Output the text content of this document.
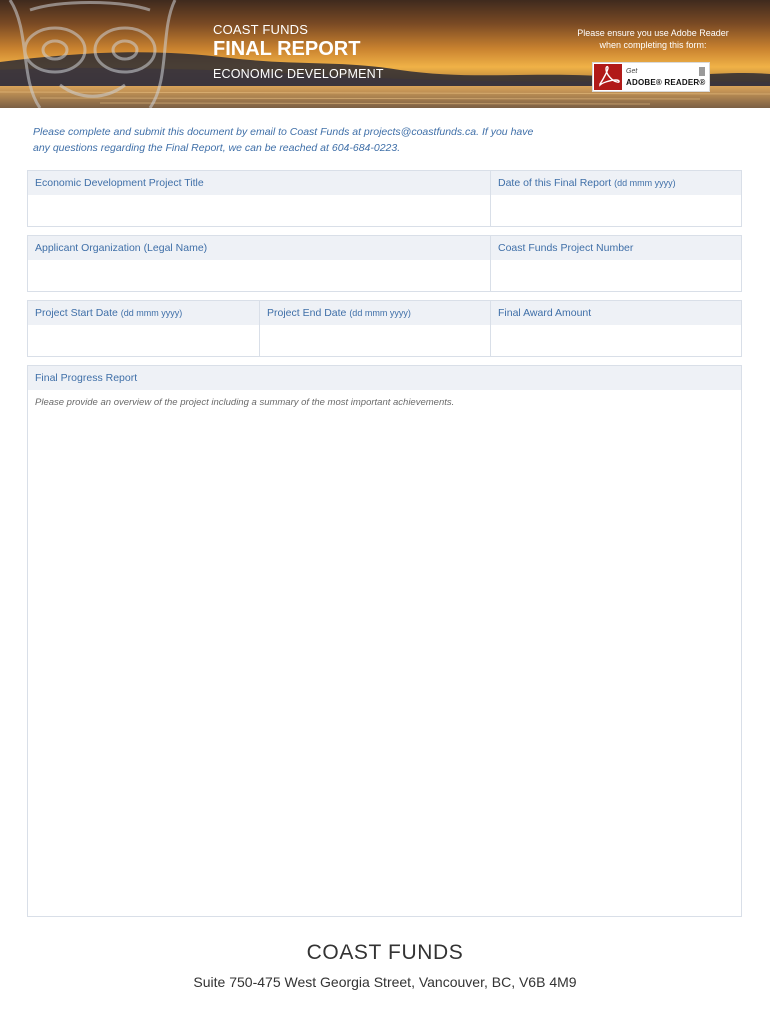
COAST FUNDS
FINAL REPORT
ECONOMIC DEVELOPMENT
Please ensure you use Adobe Reader
when completing this form:
Get
ADOBE® READER®
Please complete and submit this document by email to Coast Funds at projects@coastfunds.ca. If you have
any questions regarding the Final Report, we can be reached at 604-684-0223.
Economic Development Project Title	Date of this Final Report (dd mmm yyyy)
Applicant Organization (Legal Name)	Coast Funds Project Number
Project Start Date (dd mmm yyyy)	Project End Date (dd mmm yyyy)	Final Award Amount
Final Progress Report
Please provide an overview of the project including a summary of the most important achievements.
COAST FUNDS
Suite 750-475 West Georgia Street, Vancouver, BC, V6B 4M9
